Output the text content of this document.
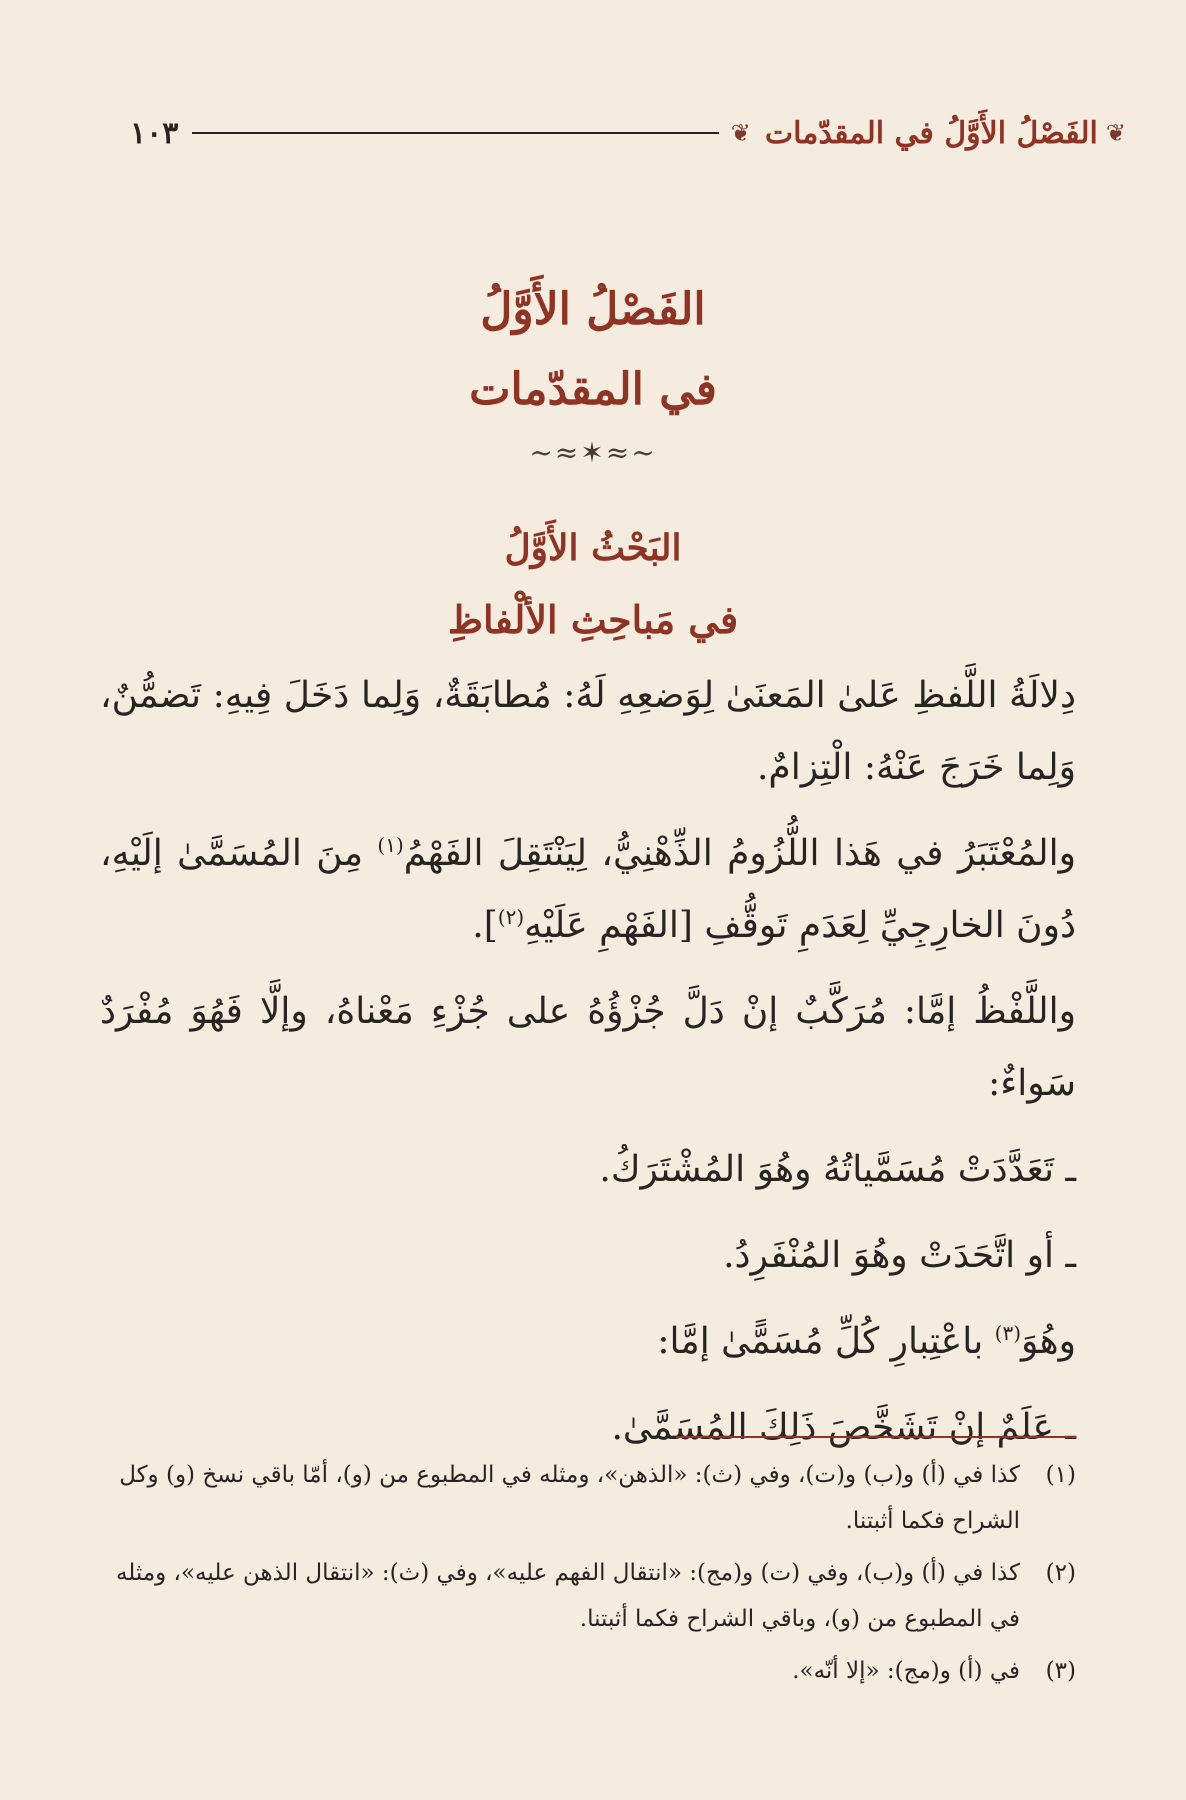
❦
الفَصْلُ الأَوَّلُ في المقدّمات
❦
١٠٣
الفَصْلُ الأَوَّلُ
في المقدّمات
~≈✶≈~
البَحْثُ الأَوَّلُ
في مَباحِثِ الألْفاظِ

دِلالَةُ اللَّفظِ عَلىٰ المَعنَىٰ لِوَضعِهِ لَهُ: مُطابَقَةٌ، وَلِما دَخَلَ فِيهِ: تَضمُّنٌ، وَلِما خَرَجَ عَنْهُ: الْتِزامٌ.

والمُعْتَبَرُ في هَذا اللُّزُومُ الذِّهْنِيُّ، لِيَنْتَقِلَ الفَهْمُ$^{(١)}$ مِنَ المُسَمَّىٰ إلَيْهِ، دُونَ الخارِجِيِّ لِعَدَمِ تَوقُّفِ [الفَهْمِ عَلَيْهِ$^{(٢)}$].

واللَّفْظُ إمَّا: مُرَكَّبٌ إنْ دَلَّ جُزْؤُهُ على جُزْءِ مَعْناهُ، وإلَّا فَهُوَ مُفْرَدٌ سَواءٌ:

ـ تَعَدَّدَتْ مُسَمَّياتُهُ وهُوَ المُشْتَرَكُ.
ـ أو اتَّحَدَتْ وهُوَ المُنْفَرِدُ.

وهُوَ$^{(٣)}$ باعْتِبارِ كُلِّ مُسَمًّىٰ إمَّا:

ـ عَلَمٌ إنْ تَشَخَّصَ ذَلِكَ المُسَمَّىٰ.
(١)
كذا في (أ) و(ب) و(ت)، وفي (ث): «الذهن»، ومثله في المطبوع من (و)، أمّا باقي نسخ (و) وكل الشراح فكما أثبتنا.
(٢)
كذا في (أ) و(ب)، وفي (ت) و(مج): «انتقال الفهم عليه»، وفي (ث): «انتقال الذهن عليه»، ومثله في المطبوع من (و)، وباقي الشراح فكما أثبتنا.
(٣)
في (أ) و(مج): «إلا أنّه».
